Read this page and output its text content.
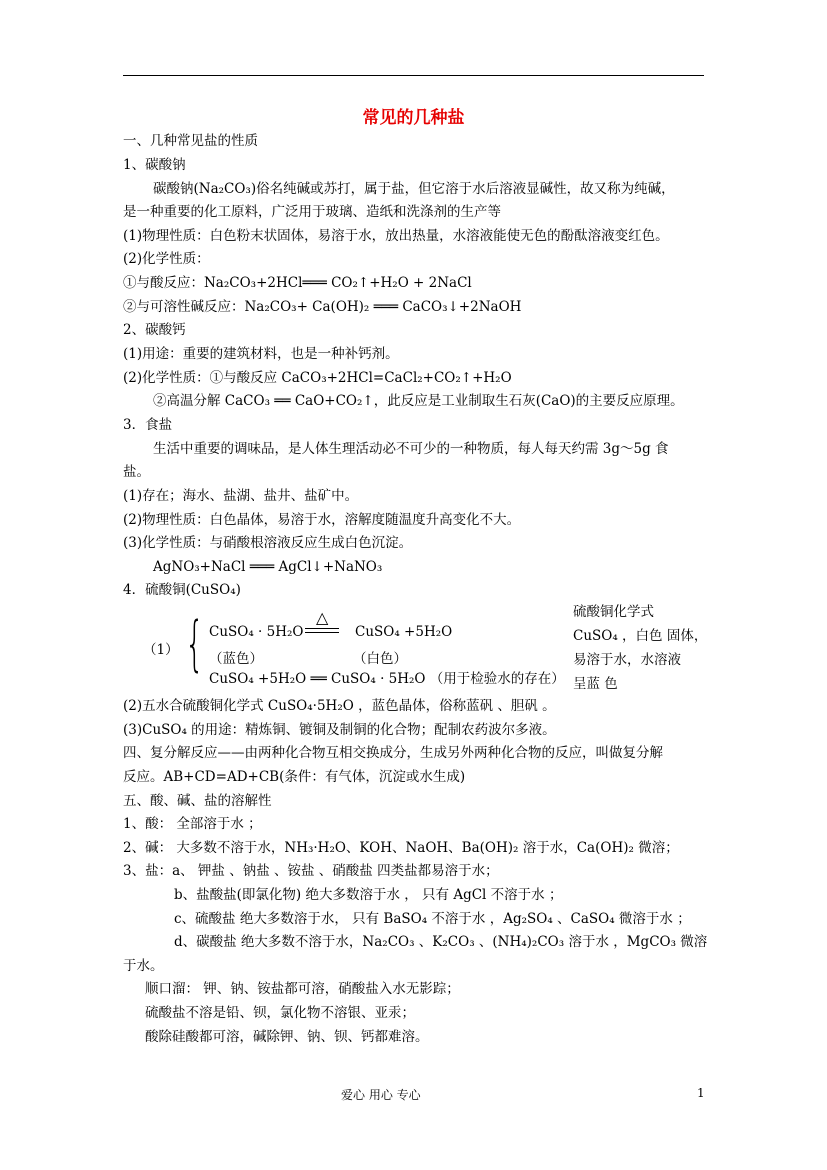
常见的几种盐
一、几种常见盐的性质
1、碳酸钠
碳酸钠(Na₂CO₃)俗名纯碱或苏打，属于盐，但它溶于水后溶液显碱性，故又称为纯碱，
是一种重要的化工原料，广泛用于玻璃、造纸和洗涤剂的生产等
(1)物理性质：白色粉末状固体，易溶于水，放出热量，水溶液能使无色的酚酞溶液变红色。
(2)化学性质：
①与酸反应：Na₂CO₃+2HCl═══ CO₂↑+H₂O + 2NaCl
②与可溶性碱反应：Na₂CO₃+ Ca(OH)₂ ═══ CaCO₃↓+2NaOH
2、碳酸钙
(1)用途：重要的建筑材料，也是一种补钙剂。
(2)化学性质：①与酸反应 CaCO₃+2HCl=CaCl₂+CO₂↑+H₂O
②高温分解 CaCO₃ ══ CaO+CO₂↑，此反应是工业制取生石灰(CaO)的主要反应原理。
3．食盐
生活中重要的调味品，是人体生理活动必不可少的一种物质，每人每天约需 3g～5g 食
盐。
(1)存在；海水、盐湖、盐井、盐矿中。
(2)物理性质：白色晶体，易溶于水，溶解度随温度升高变化不大。
(3)化学性质：与硝酸根溶液反应生成白色沉淀。
AgNO₃+NaCl ═══ AgCl↓+NaNO₃
4．硫酸铜(CuSO₄)
（1） { CuSO₄ · 5H₂O
△
CuSO₄ +5H₂O
（蓝色）	（白色）
CuSO₄ +5H₂O ══ CuSO₄ · 5H₂O （用于检验水的存在）
硫酸铜化学式
CuSO₄ ，白色 固体，
易溶于水，水溶液
呈蓝 色
(2)五水合硫酸铜化学式 CuSO₄·5H₂O ，蓝色晶体，俗称蓝矾 、胆矾 。
(3)CuSO₄ 的用途：精炼铜、镀铜及制铜的化合物；配制农药波尔多液。
四、复分解反应——由两种化合物互相交换成分，生成另外两种化合物的反应，叫做复分解
反应。AB+CD=AD+CB(条件：有气体，沉淀或水生成)
五、酸、碱、盐的溶解性
1、酸： 全部溶于水 ；
2、碱： 大多数不溶于水，NH₃·H₂O、KOH、NaOH、Ba(OH)₂ 溶于水，Ca(OH)₂ 微溶；
3、盐：a、 钾盐 、钠盐 、铵盐 、硝酸盐 四类盐都易溶于水；
b、盐酸盐(即氯化物) 绝大多数溶于水 ， 只有 AgCl 不溶于水 ；
c、硫酸盐 绝大多数溶于水， 只有 BaSO₄ 不溶于水 ，Ag₂SO₄ 、CaSO₄ 微溶于水 ；
d、碳酸盐 绝大多数不溶于水，Na₂CO₃ 、K₂CO₃ 、(NH₄)₂CO₃ 溶于水 ，MgCO₃ 微溶
于水。
顺口溜： 钾、钠、铵盐都可溶，硝酸盐入水无影踪；
硫酸盐不溶是铅、钡，氯化物不溶银、亚汞；
酸除硅酸都可溶，碱除钾、钠、钡、钙都难溶。
爱心 用心 专心	1
